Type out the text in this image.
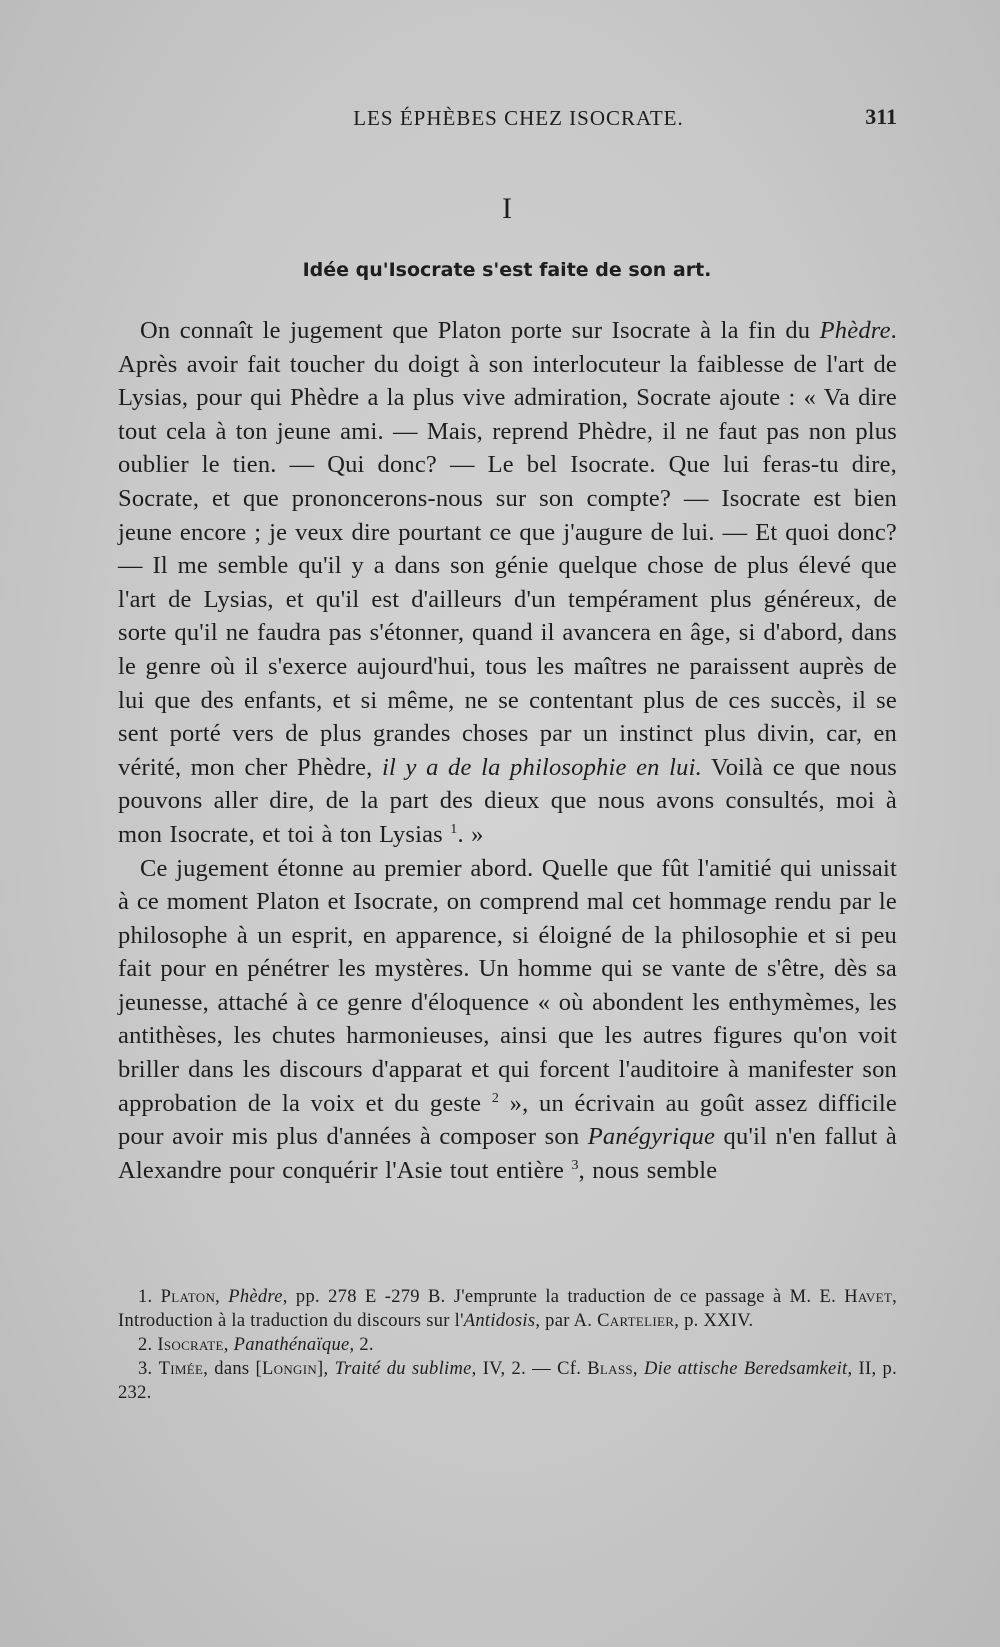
LES ÉPHÈBES CHEZ ISOCRATE.	311
I
Idée qu'Isocrate s'est faite de son art.

On connaît le jugement que Platon porte sur Isocrate à la fin du Phèdre. Après avoir fait toucher du doigt à son interlocuteur la faiblesse de l'art de Lysias, pour qui Phèdre a la plus vive admiration, Socrate ajoute : « Va dire tout cela à ton jeune ami. — Mais, reprend Phèdre, il ne faut pas non plus oublier le tien. — Qui donc? — Le bel Isocrate. Que lui feras-tu dire, Socrate, et que prononcerons-nous sur son compte? — Isocrate est bien jeune encore ; je veux dire pourtant ce que j'augure de lui. — Et quoi donc? — Il me semble qu'il y a dans son génie quelque chose de plus élevé que l'art de Lysias, et qu'il est d'ailleurs d'un tempérament plus généreux, de sorte qu'il ne faudra pas s'étonner, quand il avancera en âge, si d'abord, dans le genre où il s'exerce aujourd'hui, tous les maîtres ne paraissent auprès de lui que des enfants, et si même, ne se contentant plus de ces succès, il se sent porté vers de plus grandes choses par un instinct plus divin, car, en vérité, mon cher Phèdre, il y a de la philosophie en lui. Voilà ce que nous pouvons aller dire, de la part des dieux que nous avons consultés, moi à mon Isocrate, et toi à ton Lysias $^1$. »

Ce jugement étonne au premier abord. Quelle que fût l'amitié qui unissait à ce moment Platon et Isocrate, on comprend mal cet hommage rendu par le philosophe à un esprit, en apparence, si éloigné de la philosophie et si peu fait pour en pénétrer les mystères. Un homme qui se vante de s'être, dès sa jeunesse, attaché à ce genre d'éloquence « où abondent les enthymèmes, les antithèses, les chutes harmonieuses, ainsi que les autres figures qu'on voit briller dans les discours d'apparat et qui forcent l'auditoire à manifester son approbation de la voix et du geste $^2$ », un écrivain au goût assez difficile pour avoir mis plus d'années à composer son Panégyrique qu'il n'en fallut à Alexandre pour conquérir l'Asie tout entière $^3$, nous semble

1. Platon, Phèdre, pp. 278 E -279 B. J'emprunte la traduction de ce passage à M. E. Havet, Introduction à la traduction du discours sur l'Antidosis, par A. Cartelier, p. XXIV.

2. Isocrate, Panathénaïque, 2.

3. Timée, dans [Longin], Traité du sublime, IV, 2. — Cf. Blass, Die attische Beredsamkeit, II, p. 232.
